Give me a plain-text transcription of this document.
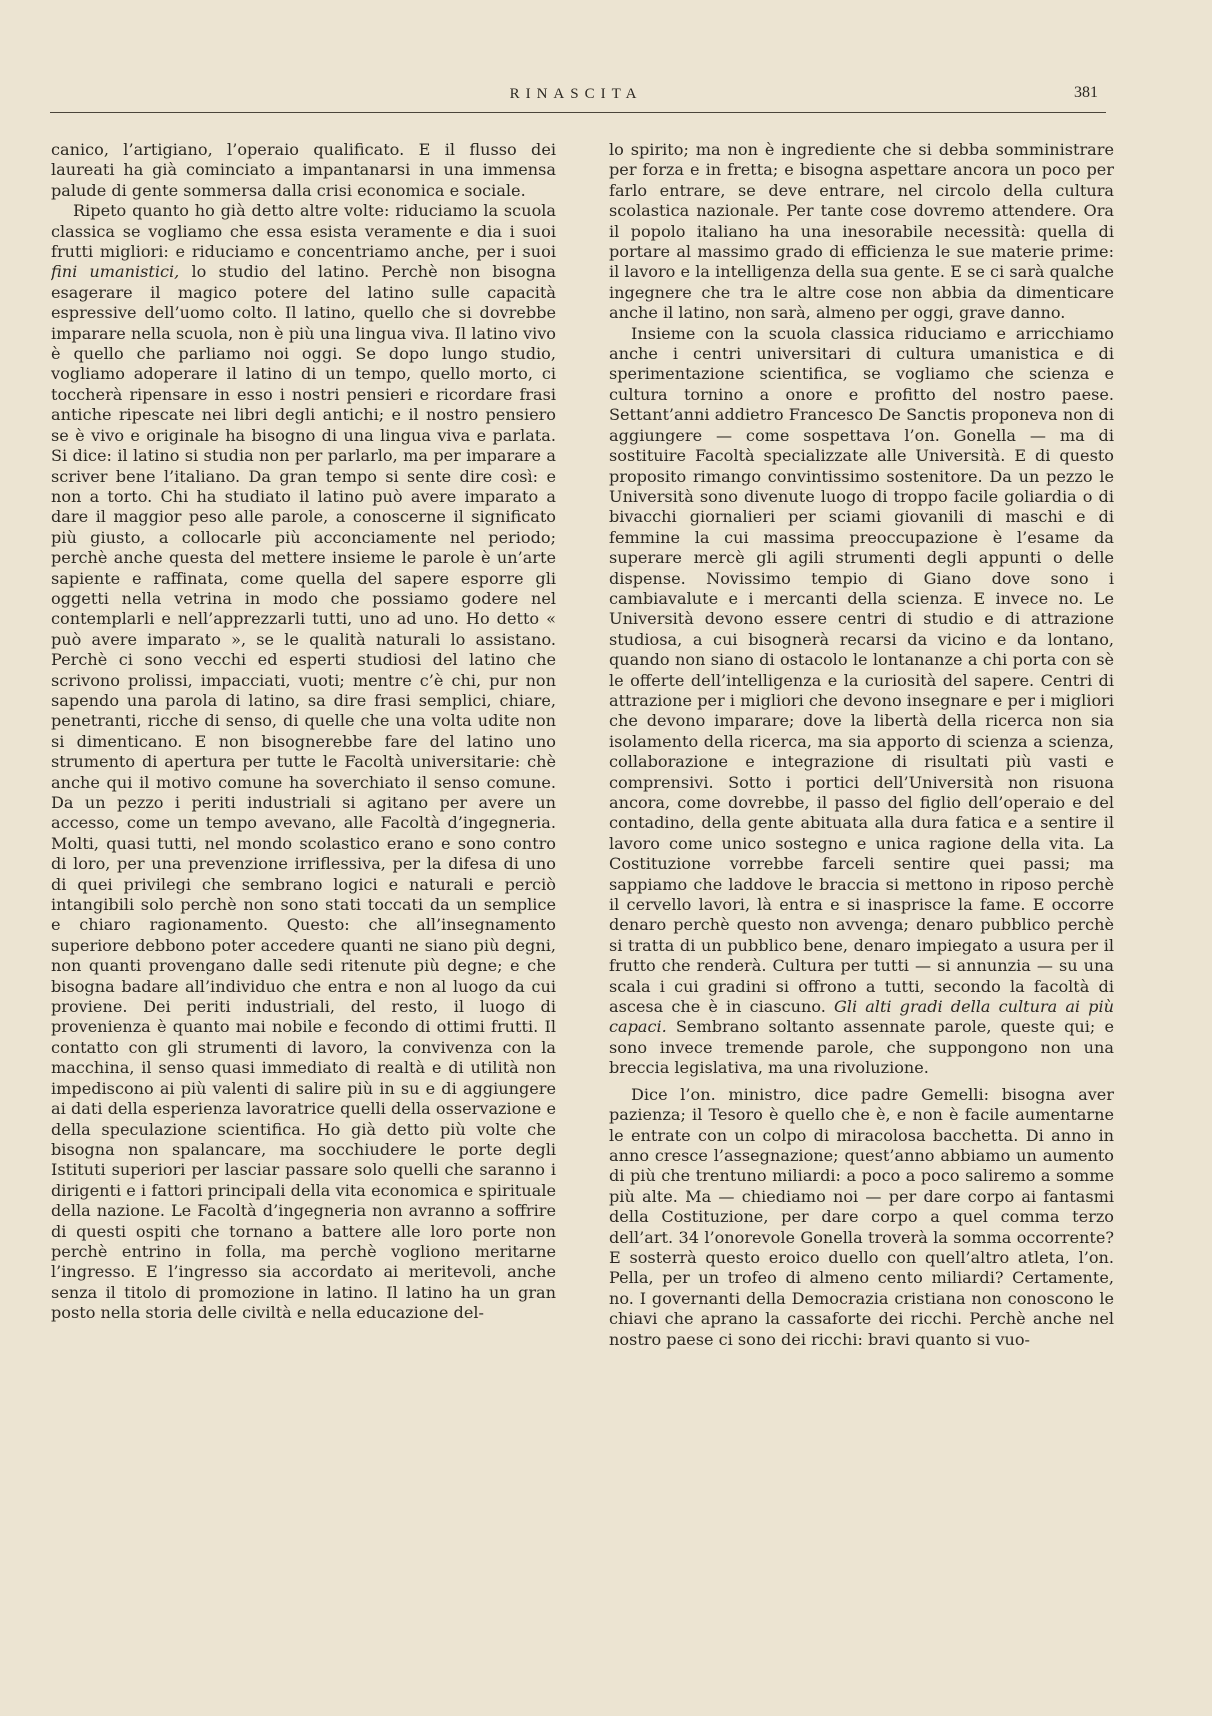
RINASCITA	381

canico, l’artigiano, l’operaio qualificato. E il flusso dei laureati ha già cominciato a impantanarsi in una immensa palude di gente sommersa dalla crisi economica e sociale.

Ripeto quanto ho già detto altre volte: riduciamo la scuola classica se vogliamo che essa esista veramente e dia i suoi frutti migliori: e riduciamo e concentriamo anche, per i suoi fini umanistici, lo studio del latino. Perchè non bisogna esagerare il magico potere del latino sulle capacità espressive dell’uomo colto. Il latino, quello che si dovrebbe imparare nella scuola, non è più una lingua viva. Il latino vivo è quello che parliamo noi oggi. Se dopo lungo studio, vogliamo adoperare il latino di un tempo, quello morto, ci toccherà ripensare in esso i nostri pensieri e ricordare frasi antiche ripescate nei libri degli antichi; e il nostro pensiero se è vivo e originale ha bisogno di una lingua viva e parlata. Si dice: il latino si studia non per parlarlo, ma per imparare a scriver bene l’italiano. Da gran tempo si sente dire così: e non a torto. Chi ha studiato il latino può avere imparato a dare il maggior peso alle parole, a conoscerne il significato più giusto, a collocarle più acconciamente nel periodo; perchè anche questa del mettere insieme le parole è un’arte sapiente e raffinata, come quella del sapere esporre gli oggetti nella vetrina in modo che possiamo godere nel contemplarli e nell’apprezzarli tutti, uno ad uno. Ho detto « può avere imparato », se le qualità naturali lo assistano. Perchè ci sono vecchi ed esperti studiosi del latino che scrivono prolissi, impacciati, vuoti; mentre c’è chi, pur non sapendo una parola di latino, sa dire frasi semplici, chiare, penetranti, ricche di senso, di quelle che una volta udite non si dimenticano. E non bisognerebbe fare del latino uno strumento di apertura per tutte le Facoltà universitarie: chè anche qui il motivo comune ha soverchiato il senso comune. Da un pezzo i periti industriali si agitano per avere un accesso, come un tempo avevano, alle Facoltà d’ingegneria. Molti, quasi tutti, nel mondo scolastico erano e sono contro di loro, per una prevenzione irriflessiva, per la difesa di uno di quei privilegi che sembrano logici e naturali e perciò intangibili solo perchè non sono stati toccati da un semplice e chiaro ragionamento. Questo: che all’insegnamento superiore debbono poter accedere quanti ne siano più degni, non quanti provengano dalle sedi ritenute più degne; e che bisogna badare all’individuo che entra e non al luogo da cui proviene. Dei periti industriali, del resto, il luogo di provenienza è quanto mai nobile e fecondo di ottimi frutti. Il contatto con gli strumenti di lavoro, la convivenza con la macchina, il senso quasi immediato di realtà e di utilità non impediscono ai più valenti di salire più in su e di aggiungere ai dati della esperienza lavoratrice quelli della osservazione e della speculazione scientifica. Ho già detto più volte che bisogna non spalancare, ma socchiudere le porte degli Istituti superiori per lasciar passare solo quelli che saranno i dirigenti e i fattori principali della vita economica e spirituale della nazione. Le Facoltà d’ingegneria non avranno a soffrire di questi ospiti che tornano a battere alle loro porte non perchè entrino in folla, ma perchè vogliono meritarne l’ingresso. E l’ingresso sia accordato ai meritevoli, anche senza il titolo di promozione in latino. Il latino ha un gran posto nella storia delle civiltà e nella educazione del-

lo spirito; ma non è ingrediente che si debba somministrare per forza e in fretta; e bisogna aspettare ancora un poco per farlo entrare, se deve entrare, nel circolo della cultura scolastica nazionale. Per tante cose dovremo attendere. Ora il popolo italiano ha una inesorabile necessità: quella di portare al massimo grado di efficienza le sue materie prime: il lavoro e la intelligenza della sua gente. E se ci sarà qualche ingegnere che tra le altre cose non abbia da dimenticare anche il latino, non sarà, almeno per oggi, grave danno.

Insieme con la scuola classica riduciamo e arricchiamo anche i centri universitari di cultura umanistica e di sperimentazione scientifica, se vogliamo che scienza e cultura tornino a onore e profitto del nostro paese. Settant’anni addietro Francesco De Sanctis proponeva non di aggiungere — come sospettava l’on. Gonella — ma di sostituire Facoltà specializzate alle Università. E di questo proposito rimango convintissimo sostenitore. Da un pezzo le Università sono divenute luogo di troppo facile goliardia o di bivacchi giornalieri per sciami giovanili di maschi e di femmine la cui massima preoccupazione è l’esame da superare mercè gli agili strumenti degli appunti o delle dispense. Novissimo tempio di Giano dove sono i cambiavalute e i mercanti della scienza. E invece no. Le Università devono essere centri di studio e di attrazione studiosa, a cui bisognerà recarsi da vicino e da lontano, quando non siano di ostacolo le lontananze a chi porta con sè le offerte dell’intelligenza e la curiosità del sapere. Centri di attrazione per i migliori che devono insegnare e per i migliori che devono imparare; dove la libertà della ricerca non sia isolamento della ricerca, ma sia apporto di scienza a scienza, collaborazione e integrazione di risultati più vasti e comprensivi. Sotto i portici dell’Università non risuona ancora, come dovrebbe, il passo del figlio dell’operaio e del contadino, della gente abituata alla dura fatica e a sentire il lavoro come unico sostegno e unica ragione della vita. La Costituzione vorrebbe farceli sentire quei passi; ma sappiamo che laddove le braccia si mettono in riposo perchè il cervello lavori, là entra e si inasprisce la fame. E occorre denaro perchè questo non avvenga; denaro pubblico perchè si tratta di un pubblico bene, denaro impiegato a usura per il frutto che renderà. Cultura per tutti — si annunzia — su una scala i cui gradini si offrono a tutti, secondo la facoltà di ascesa che è in ciascuno. Gli alti gradi della cultura ai più capaci. Sembrano soltanto assennate parole, queste qui; e sono invece tremende parole, che suppongono non una breccia legislativa, ma una rivoluzione.

Dice l’on. ministro, dice padre Gemelli: bisogna aver pazienza; il Tesoro è quello che è, e non è facile aumentarne le entrate con un colpo di miracolosa bacchetta. Di anno in anno cresce l’assegnazione; quest’anno abbiamo un aumento di più che trentuno miliardi: a poco a poco saliremo a somme più alte. Ma — chiediamo noi — per dare corpo ai fantasmi della Costituzione, per dare corpo a quel comma terzo dell’art. 34 l’onorevole Gonella troverà la somma occorrente? E sosterrà questo eroico duello con quell’altro atleta, l’on. Pella, per un trofeo di almeno cento miliardi? Certamente, no. I governanti della Democrazia cristiana non conoscono le chiavi che aprano la cassaforte dei ricchi. Perchè anche nel nostro paese ci sono dei ricchi: bravi quanto si vuo-
